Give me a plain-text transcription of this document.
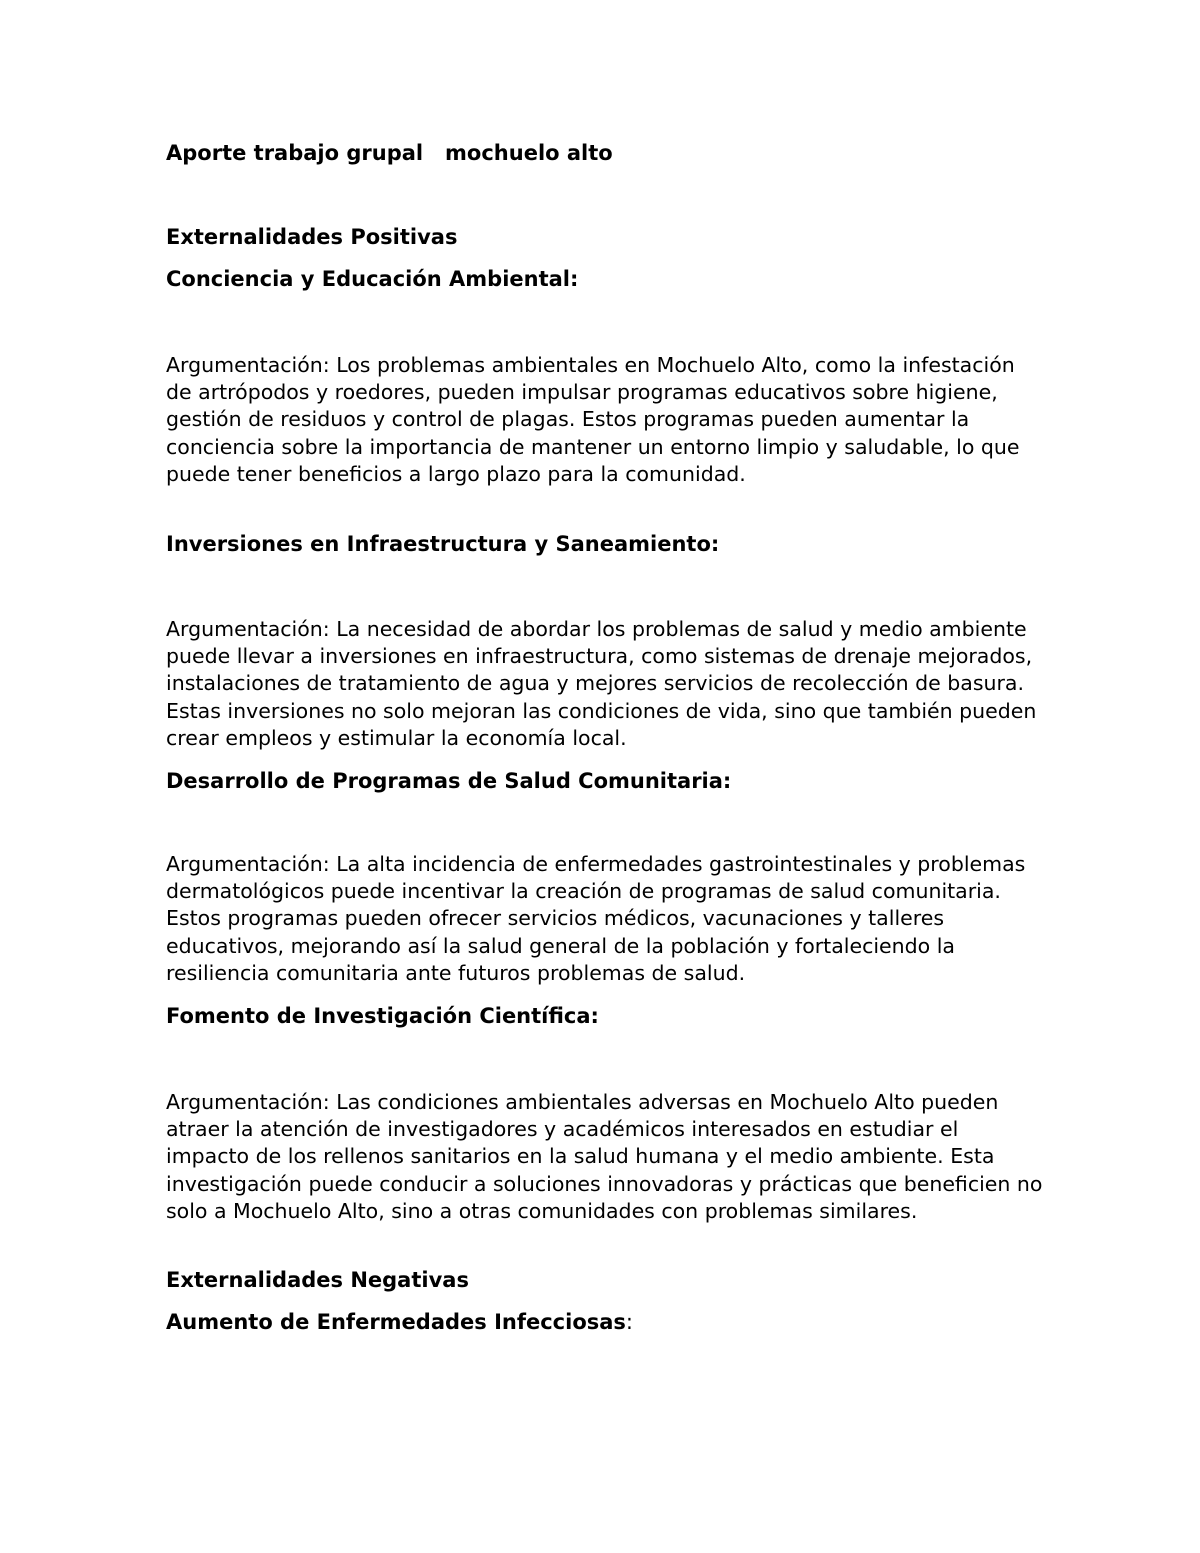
Aporte trabajo grupal   mochuelo alto
Externalidades Positivas
Conciencia y Educación Ambiental:

Argumentación: Los problemas ambientales en Mochuelo Alto, como la infestación de artrópodos y roedores, pueden impulsar programas educativos sobre higiene, gestión de residuos y control de plagas. Estos programas pueden aumentar la conciencia sobre la importancia de mantener un entorno limpio y saludable, lo que puede tener beneficios a largo plazo para la comunidad.

Inversiones en Infraestructura y Saneamiento:

Argumentación: La necesidad de abordar los problemas de salud y medio ambiente puede llevar a inversiones en infraestructura, como sistemas de drenaje mejorados, instalaciones de tratamiento de agua y mejores servicios de recolección de basura. Estas inversiones no solo mejoran las condiciones de vida, sino que también pueden crear empleos y estimular la economía local.

Desarrollo de Programas de Salud Comunitaria:

Argumentación: La alta incidencia de enfermedades gastrointestinales y problemas dermatológicos puede incentivar la creación de programas de salud comunitaria. Estos programas pueden ofrecer servicios médicos, vacunaciones y talleres educativos, mejorando así la salud general de la población y fortaleciendo la resiliencia comunitaria ante futuros problemas de salud.

Fomento de Investigación Científica:

Argumentación: Las condiciones ambientales adversas en Mochuelo Alto pueden atraer la atención de investigadores y académicos interesados en estudiar el impacto de los rellenos sanitarios en la salud humana y el medio ambiente. Esta investigación puede conducir a soluciones innovadoras y prácticas que beneficien no solo a Mochuelo Alto, sino a otras comunidades con problemas similares.

Externalidades Negativas
Aumento de Enfermedades Infecciosas:
